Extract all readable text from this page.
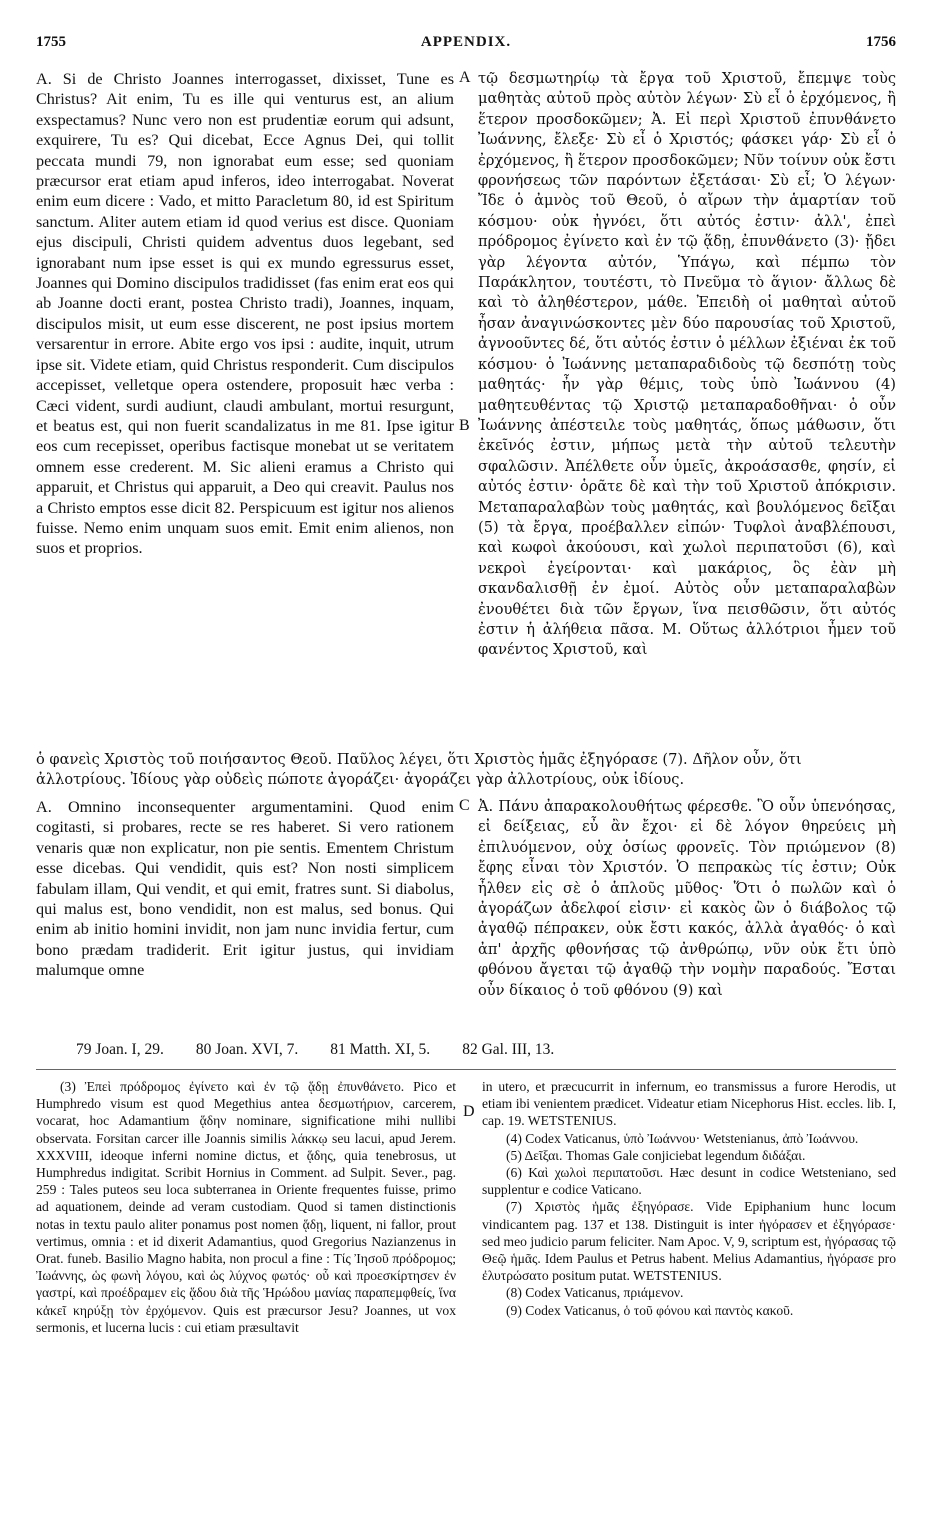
1755	APPENDIX.	1756
A
B
C
D

A. Si de Christo Joannes interrogasset, dixisset, Tune es Christus? Ait enim, Tu es ille qui venturus est, an alium exspectamus? Nunc vero non est prudentiæ eorum qui adsunt, exquirere, Tu es? Qui dicebat, Ecce Agnus Dei, qui tollit peccata mundi 79, non ignorabat eum esse; sed quoniam præcursor erat etiam apud inferos, ideo interrogabat. Noverat enim eum dicere : Vado, et mitto Paracletum 80, id est Spiritum sanctum. Aliter autem etiam id quod verius est disce. Quoniam ejus discipuli, Christi quidem adventus duos legebant, sed ignorabant num ipse esset is qui ex mundo egressurus esset, Joannes qui Domino discipulos tradidisset (fas enim erat eos qui ab Joanne docti erant, postea Christo tradi), Joannes, inquam, discipulos misit, ut eum esse discerent, ne post ipsius mortem versarentur in errore. Abite ergo vos ipsi : audite, inquit, utrum ipse sit. Videte etiam, quid Christus responderit. Cum discipulos accepisset, velletque opera ostendere, proposuit hæc verba : Cæci vident, surdi audiunt, claudi ambulant, mortui resurgunt, et beatus est, qui non fuerit scandalizatus in me 81. Ipse igitur eos cum recepisset, operibus factisque monebat ut se veritatem omnem esse crederent. M. Sic alieni eramus a Christo qui apparuit, et Christus qui apparuit, a Deo qui creavit. Paulus nos a Christo emptos esse dicit 82. Perspicuum est igitur nos alienos fuisse. Nemo enim unquam suos emit. Emit enim alienos, non suos et proprios.

τῷ δεσμωτηρίῳ τὰ ἔργα τοῦ Χριστοῦ, ἔπεμψε τοὺς μαθητὰς αὐτοῦ πρὸς αὐτὸν λέγων· Σὺ εἶ ὁ ἐρχόμενος, ἢ ἕτερον προσδοκῶμεν; Ἀ. Εἰ περὶ Χριστοῦ ἐπυνθάνετο Ἰωάννης, ἔλεξε· Σὺ εἶ ὁ Χριστός; φάσκει γάρ· Σὺ εἶ ὁ ἐρχόμενος, ἢ ἕτερον προσδοκῶμεν; Νῦν τοίνυν οὐκ ἔστι φρονήσεως τῶν παρόντων ἐξετάσαι· Σὺ εἶ; Ὁ λέγων· Ἴδε ὁ ἀμνὸς τοῦ Θεοῦ, ὁ αἴρων τὴν ἁμαρτίαν τοῦ κόσμου· οὐκ ἠγνόει, ὅτι αὐτός ἐστιν· ἀλλ', ἐπεὶ πρόδρομος ἐγίνετο καὶ ἐν τῷ ᾅδῃ, ἐπυνθάνετο (3)· ᾔδει γὰρ λέγοντα αὐτόν, Ὑπάγω, καὶ πέμπω τὸν Παράκλητον, τουτέστι, τὸ Πνεῦμα τὸ ἅγιον· ἄλλως δὲ καὶ τὸ ἀληθέστερον, μάθε. Ἐπειδὴ οἱ μαθηταὶ αὐτοῦ ἦσαν ἀναγινώσκοντες μὲν δύο παρουσίας τοῦ Χριστοῦ, ἀγνοοῦντες δέ, ὅτι αὐτός ἐστιν ὁ μέλλων ἐξιέναι ἐκ τοῦ κόσμου· ὁ Ἰωάννης μεταπαραδιδοὺς τῷ δεσπότῃ τοὺς μαθητάς· ἦν γὰρ θέμις, τοὺς ὑπὸ Ἰωάννου (4) μαθητευθέντας τῷ Χριστῷ μεταπαραδοθῆναι· ὁ οὖν Ἰωάννης ἀπέστειλε τοὺς μαθητάς, ὅπως μάθωσιν, ὅτι ἐκεῖνός ἐστιν, μήπως μετὰ τὴν αὐτοῦ τελευτὴν σφαλῶσιν. Ἀπέλθετε οὖν ὑμεῖς, ἀκροάσασθε, φησίν, εἰ αὐτός ἐστιν· ὁρᾶτε δὲ καὶ τὴν τοῦ Χριστοῦ ἀπόκρισιν. Μεταπαραλαβὼν τοὺς μαθητάς, καὶ βουλόμενος δεῖξαι (5) τὰ ἔργα, προέβαλλεν εἰπών· Τυφλοὶ ἀναβλέπουσι, καὶ κωφοὶ ἀκούουσι, καὶ χωλοὶ περιπατοῦσι (6), καὶ νεκροὶ ἐγείρονται· καὶ μακάριος, ὃς ἐὰν μὴ σκανδαλισθῇ ἐν ἐμοί. Αὐτὸς οὖν μεταπαραλαβὼν ἐνουθέτει διὰ τῶν ἔργων, ἵνα πεισθῶσιν, ὅτι αὐτός ἐστιν ἡ ἀλήθεια πᾶσα. Μ. Οὕτως ἀλλότριοι ἦμεν τοῦ φανέντος Χριστοῦ, καὶ

ὁ φανεὶς Χριστὸς τοῦ ποιήσαντος Θεοῦ. Παῦλος λέγει, ὅτι Χριστὸς ἡμᾶς ἐξηγόρασε (7). Δῆλον οὖν, ὅτι ἀλλοτρίους. Ἰδίους γὰρ οὐδεὶς πώποτε ἀγοράζει· ἀγοράζει γὰρ ἀλλοτρίους, οὐκ ἰδίους.

A. Omnino inconsequenter argumentamini. Quod enim cogitasti, si probares, recte se res haberet. Si vero rationem venaris quæ non explicatur, non pie sentis. Ementem Christum esse dicebas. Qui vendidit, quis est? Non nosti simplicem fabulam illam, Qui vendit, et qui emit, fratres sunt. Si diabolus, qui malus est, bono vendidit, non est malus, sed bonus. Qui enim ab initio homini invidit, non jam nunc invidia fertur, cum bono prædam tradiderit. Erit igitur justus, qui invidiam malumque omne

Ἀ. Πάνυ ἀπαρακολουθήτως φέρεσθε. Ὃ οὖν ὑπενόησας, εἰ δείξειας, εὖ ἂν ἔχοι· εἰ δὲ λόγον θηρεύεις μὴ ἐπιλυόμενον, οὐχ ὁσίως φρονεῖς. Τὸν πριώμενον (8) ἔφης εἶναι τὸν Χριστόν. Ὁ πεπρακὼς τίς ἐστιν; Οὐκ ἦλθεν εἰς σὲ ὁ ἁπλοῦς μῦθος· Ὅτι ὁ πωλῶν καὶ ὁ ἀγοράζων ἀδελφοί εἰσιν· εἰ κακὸς ὢν ὁ διάβολος τῷ ἀγαθῷ πέπρακεν, οὐκ ἔστι κακός, ἀλλὰ ἀγαθός· ὁ καὶ ἀπ' ἀρχῆς φθονήσας τῷ ἀνθρώπῳ, νῦν οὐκ ἔτι ὑπὸ φθόνου ἄγεται τῷ ἀγαθῷ τὴν νομὴν παραδούς. Ἔσται οὖν δίκαιος ὁ τοῦ φθόνου (9) καὶ

79 Joan. I, 29. 80 Joan. XVI, 7. 81 Matth. XI, 5. 82 Gal. III, 13.

(3) Ἐπεὶ πρόδρομος ἐγίνετο καὶ ἐν τῷ ᾅδῃ ἐπυνθάνετο. Pico et Humphredo visum est quod Megethius antea δεσμωτήριον, carcerem, vocarat, hoc Adamantium ᾅδην nominare, significatione mihi nullibi observata. Forsitan carcer ille Joannis similis λάκκῳ seu lacui, apud Jerem. XXXVIII, ideoque inferni nomine dictus, et ᾅδης, quia tenebrosus, ut Humphredus indigitat. Scribit Hornius in Comment. ad Sulpit. Sever., pag. 259 : Tales puteos seu loca subterranea in Oriente frequentes fuisse, primo ad aquationem, deinde ad veram custodiam. Quod si tamen distinctionis notas in textu paulo aliter ponamus post nomen ᾅδῃ, liquent, ni fallor, prout vertimus, omnia : et id dixerit Adamantius, quod Gregorius Nazianzenus in Orat. funeb. Basilio Magno habita, non procul a fine : Τίς Ἰησοῦ πρόδρομος; Ἰωάννης, ὡς φωνὴ λόγου, καὶ ὡς λύχνος φωτός· οὗ καὶ προεσκίρτησεν ἐν γαστρί, καὶ προέδραμεν εἰς ᾅδου διὰ τῆς Ἡρώδου μανίας παραπεμφθείς, ἵνα κἀκεῖ κηρύξῃ τὸν ἐρχόμενον. Quis est præcursor Jesu? Joannes, ut vox sermonis, et lucerna lucis : cui etiam præsultavit

in utero, et præcucurrit in infernum, eo transmissus a furore Herodis, ut etiam ibi venientem prædicet. Videatur etiam Nicephorus Hist. eccles. lib. I, cap. 19. WETSTENIUS.

(4) Codex Vaticanus, ὑπὸ Ἰωάννου· Wetstenianus, ἀπὸ Ἰωάννου.

(5) Δεῖξαι. Thomas Gale conjiciebat legendum διδάξαι.

(6) Καὶ χωλοὶ περιπατοῦσι. Hæc desunt in codice Wetsteniano, sed supplentur e codice Vaticano.

(7) Χριστὸς ἡμᾶς ἐξηγόρασε. Vide Epiphanium hunc locum vindicantem pag. 137 et 138. Distinguit is inter ἠγόρασεν et ἐξηγόρασε· sed meo judicio parum feliciter. Nam Apoc. V, 9, scriptum est, ἠγόρασας τῷ Θεῷ ἡμᾶς. Idem Paulus et Petrus habent. Melius Adamantius, ἠγόρασε pro ἐλυτρώσατο positum putat. WETSTENIUS.

(8) Codex Vaticanus, πριάμενον.

(9) Codex Vaticanus, ὁ τοῦ φόνου καὶ παντὸς κακοῦ.
